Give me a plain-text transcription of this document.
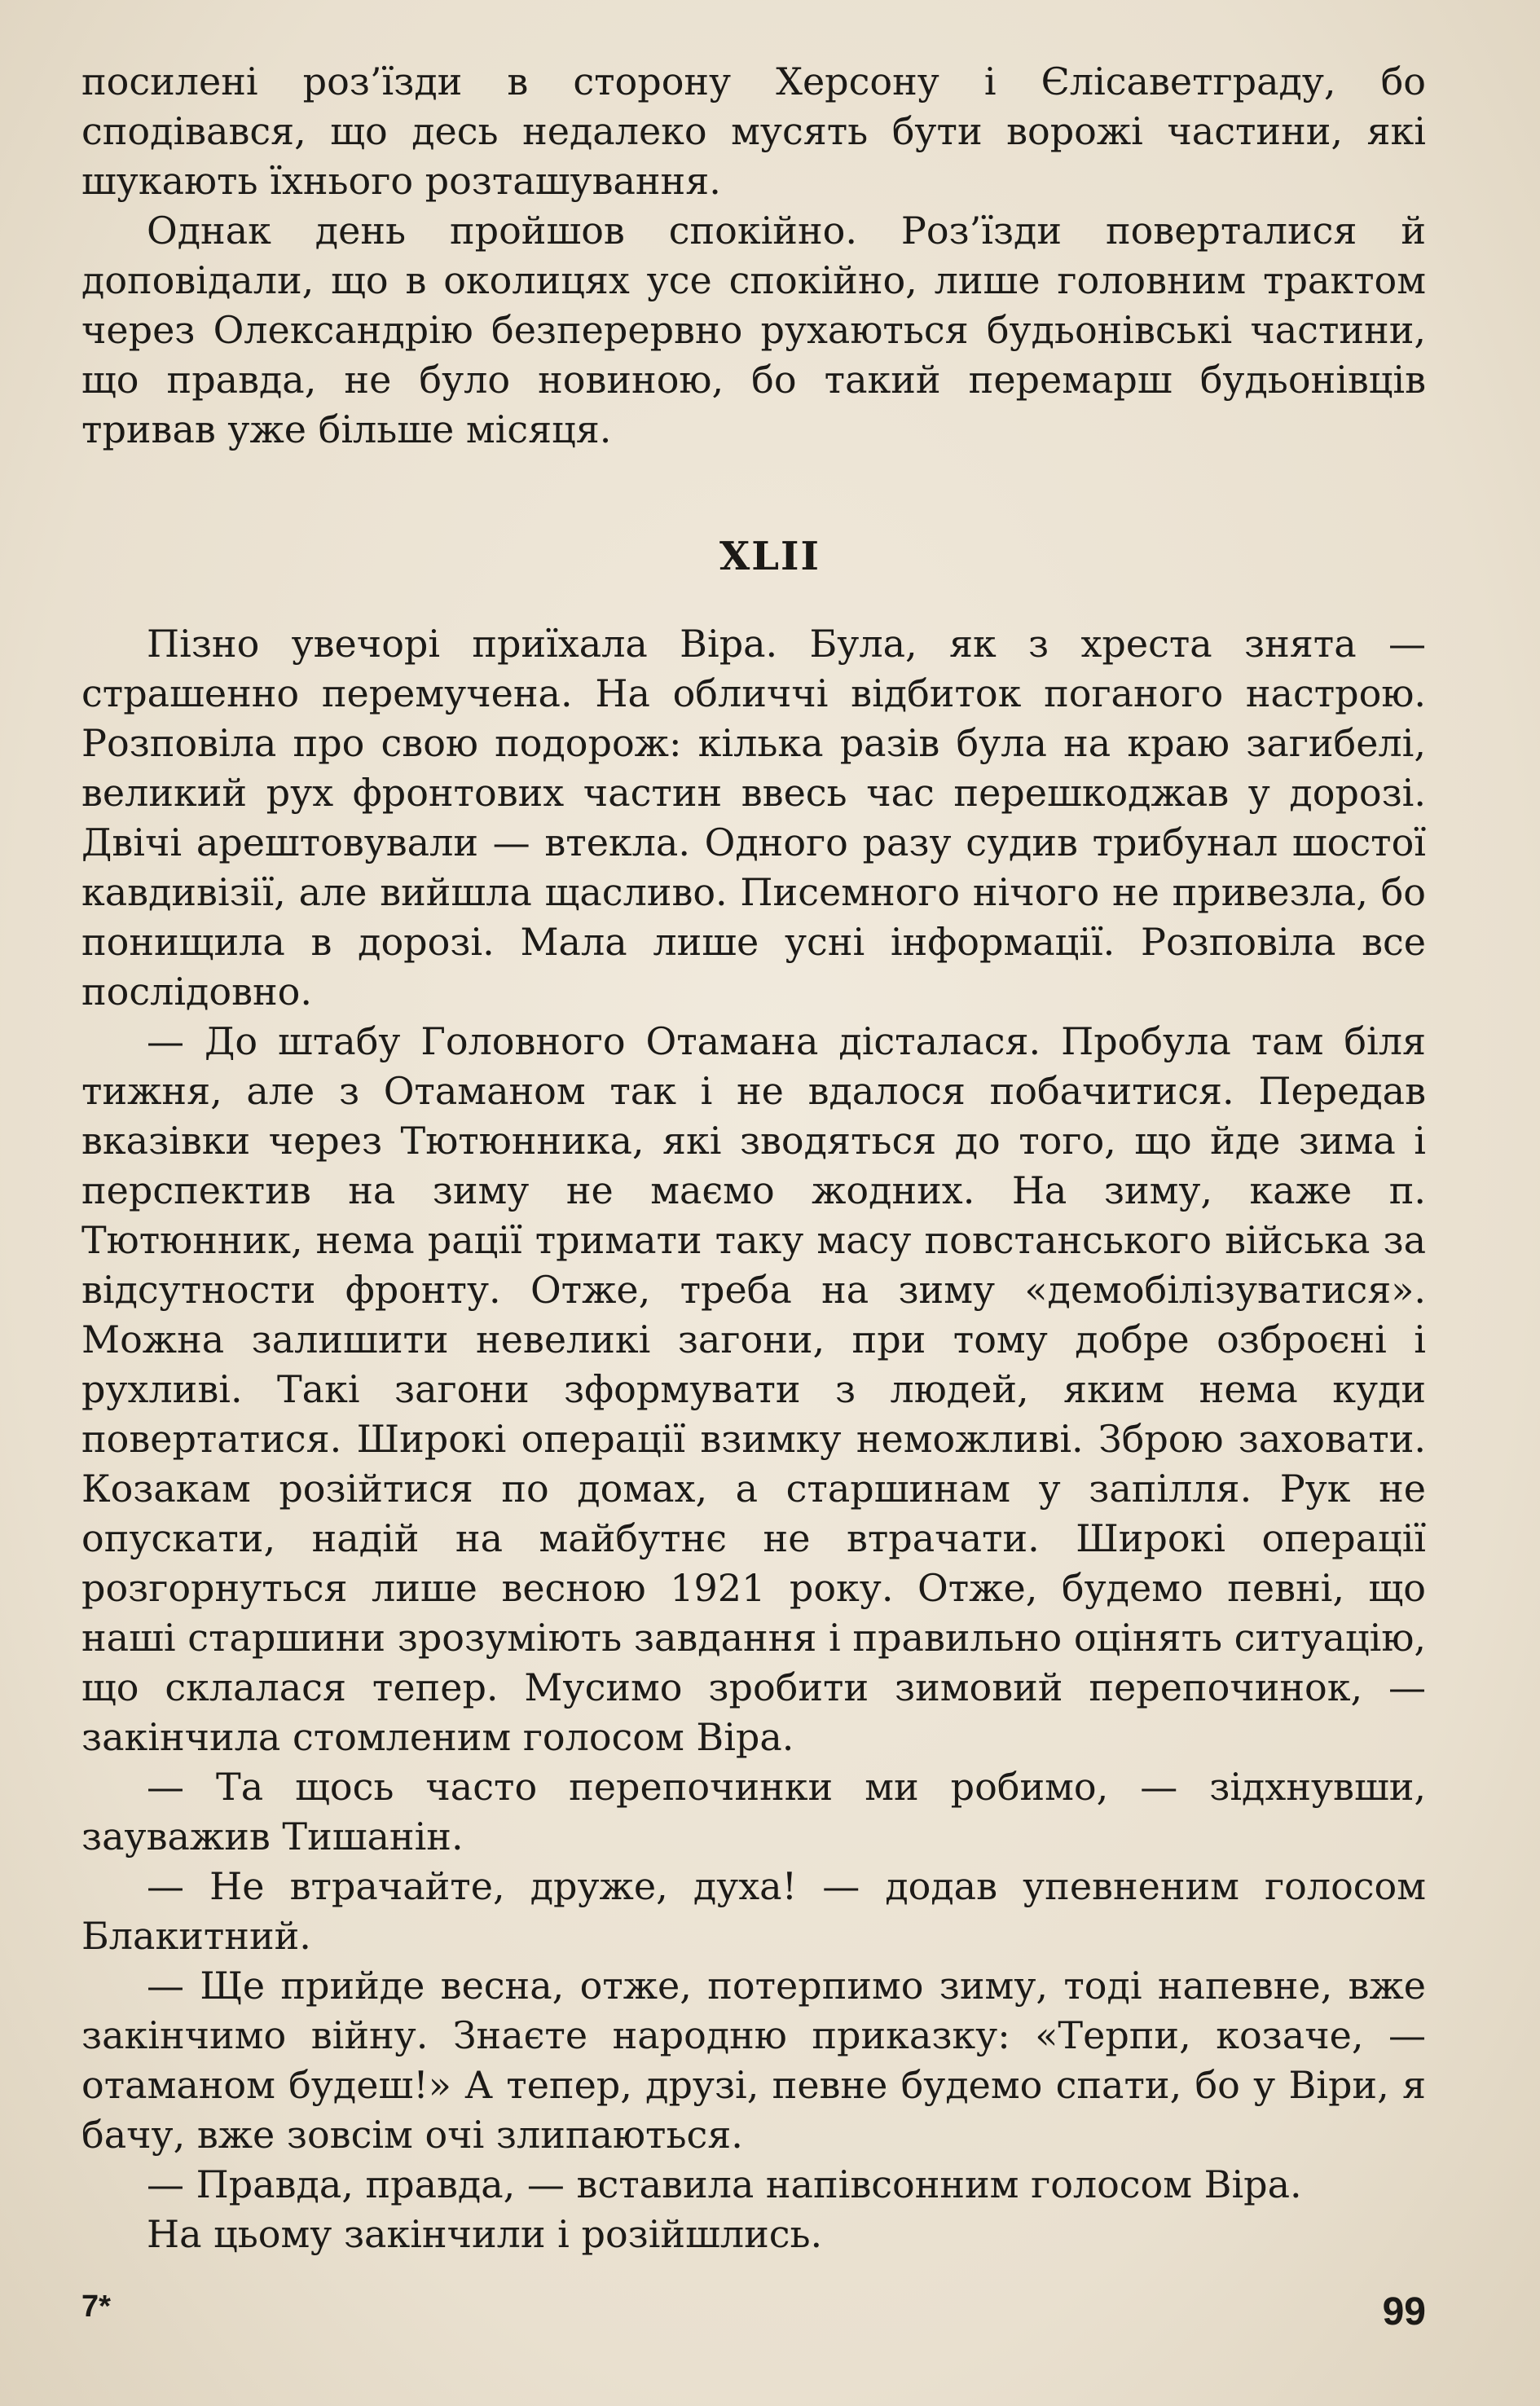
посилені роз’їзди в сторону Херсону і Єлісаветграду, бо сподівався, що десь недалеко мусять бути ворожі частини, які шукають їхнього розташування.

Однак день пройшов спокійно. Роз’їзди поверталися й доповідали, що в околицях усе спокійно, лише головним трактом через Олександрію безперервно рухаються будьонівські частини, що правда, не було новиною, бо такий перемарш будьонівців тривав уже більше місяця.

XLII

Пізно увечорі приїхала Віра. Була, як з хреста знята — страшенно перемучена. На обличчі відбиток поганого настрою. Розповіла про свою подорож: кілька разів була на краю загибелі, великий рух фронтових частин ввесь час перешкоджав у дорозі. Двічі арештовували — втекла. Одного разу судив трибунал шостої кавдивізії, але вийшла щасливо. Писемного нічого не привезла, бо понищила в дорозі. Мала лише усні інформації. Розповіла все послідовно.

— До штабу Головного Отамана дісталася. Пробула там біля тижня, але з Отаманом так і не вдалося побачитися. Передав вказівки через Тютюнника, які зводяться до того, що йде зима і перспектив на зиму не маємо жодних. На зиму, каже п. Тютюнник, нема рації тримати таку масу повстанського війська за відсутности фронту. Отже, треба на зиму «демобілізуватися». Можна залишити невеликі загони, при тому добре озброєні і рухливі. Такі загони зформувати з людей, яким нема куди повертатися. Широкі операції взимку неможливі. Зброю заховати. Козакам розійтися по домах, а старшинам у запілля. Рук не опускати, надій на майбутнє не втрачати. Широкі операції розгорнуться лише весною 1921 року. Отже, будемо певні, що наші старшини зрозуміють завдання і правильно оцінять ситуацію, що склалася тепер. Мусимо зробити зимовий перепочинок, — закінчила стомленим голосом Віра.

— Та щось часто перепочинки ми робимо, — зідхнувши, зауважив Тишанін.

— Не втрачайте, друже, духа! — додав упевненим голосом Блакитний.

— Ще прийде весна, отже, потерпимо зиму, тоді напевне, вже закінчимо війну. Знаєте народню приказку: «Терпи, козаче, — отаманом будеш!» А тепер, друзі, певне будемо спати, бо у Віри, я бачу, вже зовсім очі злипаються.

— Правда, правда, — вставила напівсонним голосом Віра.

На цьому закінчили і розійшлись.

7*	99
